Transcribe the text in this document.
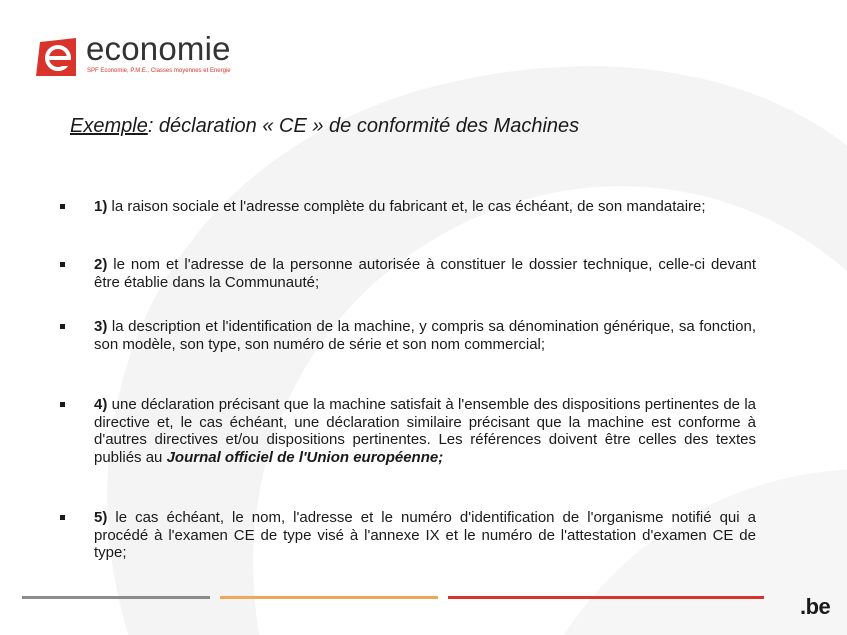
economie
SPF Economie, P.M.E., Classes moyennes et Energie
Exemple: déclaration « CE » de conformité des Machines
1) la raison sociale et l'adresse complète du fabricant et, le cas échéant, de son mandataire;
2) le nom et l'adresse de la personne autorisée à constituer le dossier technique, celle-ci devant être établie dans la Communauté;
3) la description et l'identification de la machine, y compris sa dénomination générique, sa fonction, son modèle, son type, son numéro de série et son nom commercial;
4) une déclaration précisant que la machine satisfait à l'ensemble des dispositions pertinentes de la directive et, le cas échéant, une déclaration similaire précisant que la machine est conforme à d'autres directives et/ou dispositions pertinentes. Les références doivent être celles des textes publiés au Journal officiel de l'Union européenne;
5) le cas échéant, le nom, l'adresse et le numéro d'identification de l'organisme notifié qui a procédé à l'examen CE de type visé à l'annexe IX et le numéro de l'attestation d'examen CE de type;
.be
